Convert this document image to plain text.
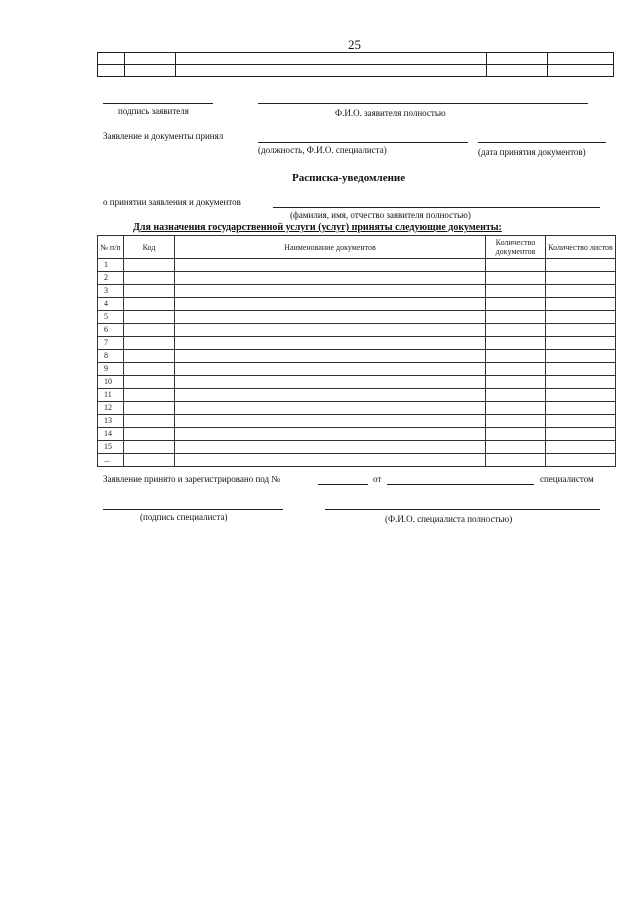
25

подпись заявителя	Ф.И.О. заявителя полностью
Заявление и документы принял
(должность, Ф.И.О. специалиста)	(дата принятия документов)
Расписка-уведомление
о принятии заявления и документов
(фамилия, имя, отчество заявителя полностью)
Для назначения государственной услуги (услуг) приняты следующие документы:
№ п/п	Код	Наименование документов	Количество документов	Количество листов
1				
2				
3				
4				
5				
6				
7				
8				
9				
10				
11				
12				
13				
14				
15				
...				
Заявление принято и зарегистрировано под №	от	специалистом
(подпись специалиста)	(Ф.И.О. специалиста полностью)
